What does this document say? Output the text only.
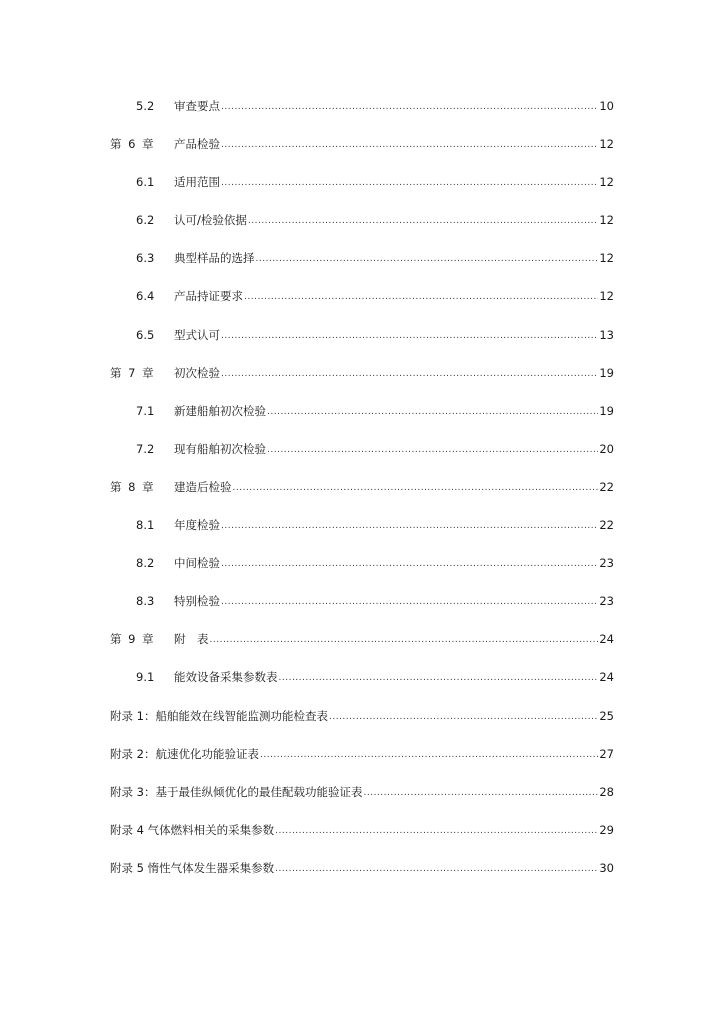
5.2	审查要点 .....	10
第 6 章	产品检验 .....	12
6.1	适用范围 .....	12
6.2	认可/检验依据 .....	12
6.3	典型样品的选择 .....	12
6.4	产品持证要求 .....	12
6.5	型式认可 .....	13
第 7 章	初次检验 .....	19
7.1	新建船舶初次检验 .....	19
7.2	现有船舶初次检验 .....	20
第 8 章	建造后检验 .....	22
8.1	年度检验 .....	22
8.2	中间检验 .....	23
8.3	特别检验 .....	23
第 9 章	附　表 .....	24
9.1	能效设备采集参数表 .....	24
附录 1：船舶能效在线智能监测功能检查表 .....	25
附录 2：航速优化功能验证表 .....	27
附录 3：基于最佳纵倾优化的最佳配载功能验证表 .....	28
附录 4 气体燃料相关的采集参数 .....	29
附录 5 惰性气体发生器采集参数 .....	30
